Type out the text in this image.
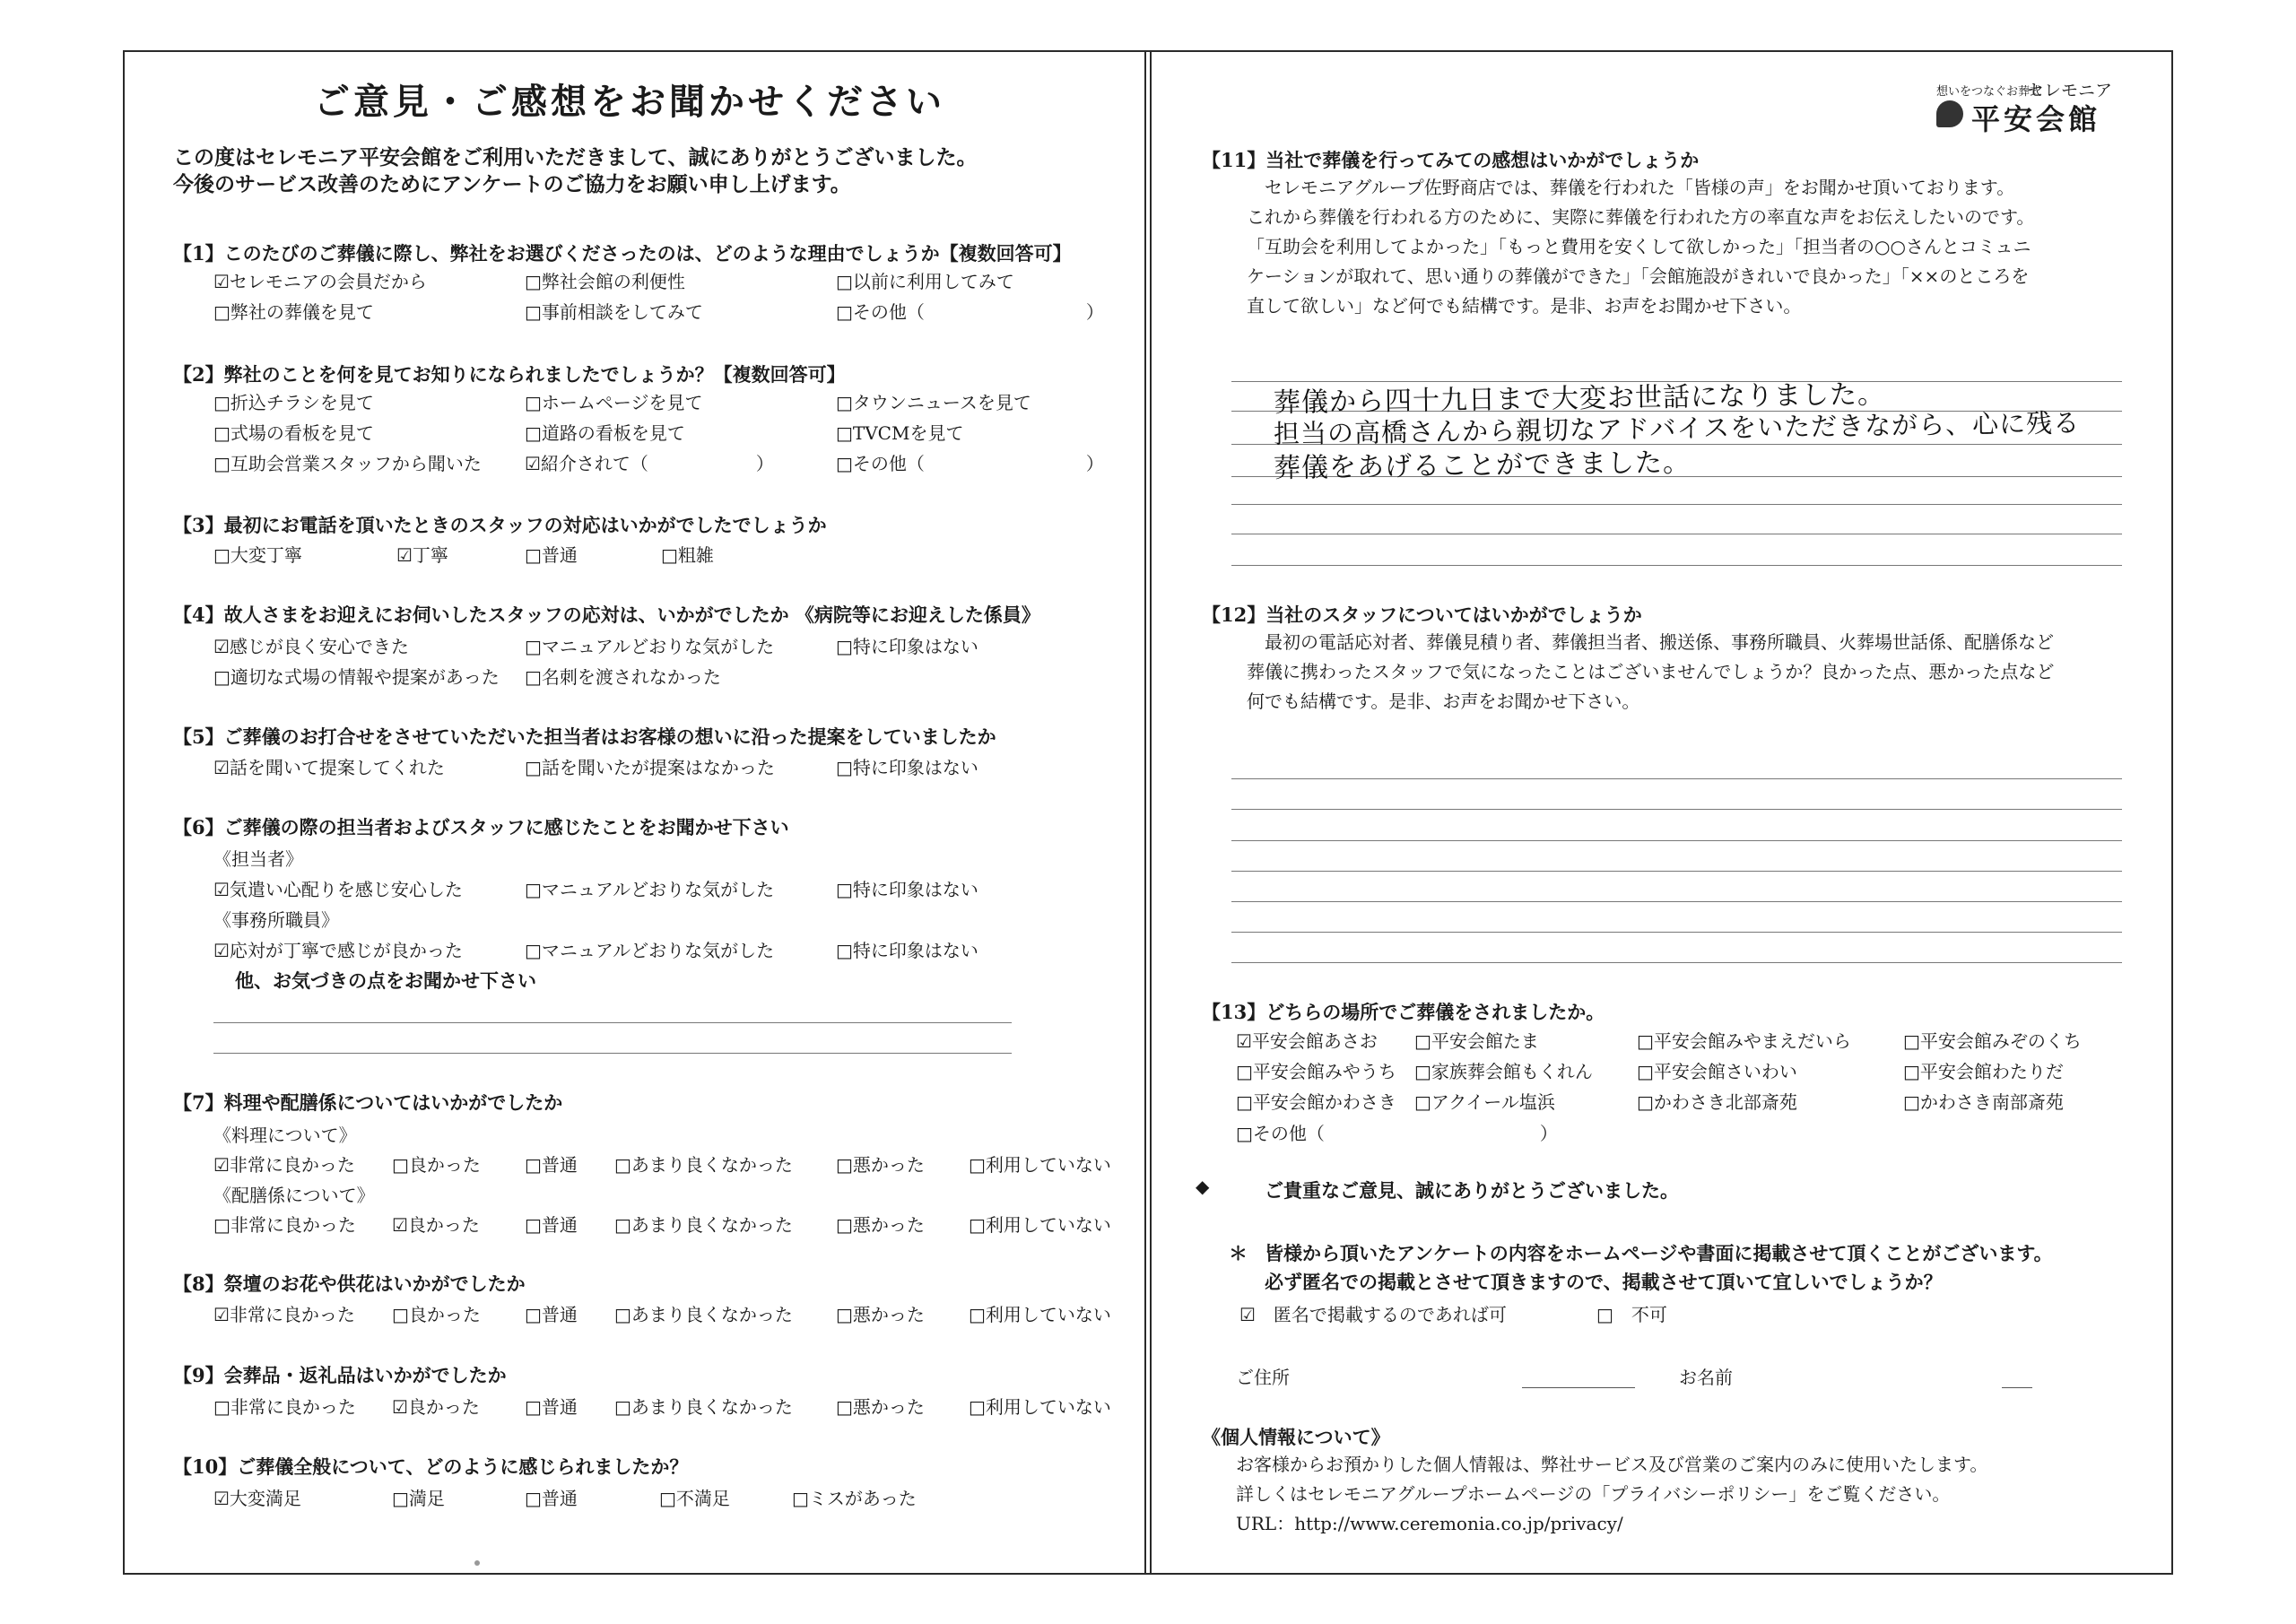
ご意見・ご感想をお聞かせください
この度はセレモニア平安会館をご利用いただきまして、誠にありがとうございました。
今後のサービス改善のためにアンケートのご協力をお願い申し上げます。
【1】このたびのご葬儀に際し、弊社をお選びくださったのは、どのような理由でしょうか【複数回答可】
☑セレモニアの会員だから	□弊社会館の利便性	□以前に利用してみて
□弊社の葬儀を見て	□事前相談をしてみて	□その他（　　　　　　　　　）
【2】弊社のことを何を見てお知りになられましたでしょうか？【複数回答可】
□折込チラシを見て	□ホームページを見て	□タウンニュースを見て
□式場の看板を見て	□道路の看板を見て	□TVCMを見て
□互助会営業スタッフから聞いた ☑紹介されて（　　　　　　）	□その他（　　　　　　　　　）
【3】最初にお電話を頂いたときのスタッフの対応はいかがでしたでしょうか
□大変丁寧	☑丁寧	□普通	□粗雑
【4】故人さまをお迎えにお伺いしたスタッフの応対は、いかがでしたか 《病院等にお迎えした係員》
☑感じが良く安心できた	□マニュアルどおりな気がした	□特に印象はない
□適切な式場の情報や提案があった □名刺を渡されなかった
【5】ご葬儀のお打合せをさせていただいた担当者はお客様の想いに沿った提案をしていましたか
☑話を聞いて提案してくれた	□話を聞いたが提案はなかった	□特に印象はない
【6】ご葬儀の際の担当者およびスタッフに感じたことをお聞かせ下さい
《担当者》
☑気遣い心配りを感じ安心した	□マニュアルどおりな気がした	□特に印象はない
《事務所職員》
☑応対が丁寧で感じが良かった	□マニュアルどおりな気がした	□特に印象はない
他、お気づきの点をお聞かせ下さい
【7】料理や配膳係についてはいかがでしたか
《料理について》
☑非常に良かった □良かった □普通 □あまり良くなかった □悪かった □利用していない
《配膳係について》
□非常に良かった ☑良かった	□普通 □あまり良くなかった □悪かった □利用していない
【8】祭壇のお花や供花はいかがでしたか
☑非常に良かった □良かった □普通 □あまり良くなかった □悪かった □利用していない
【9】会葬品・返礼品はいかがでしたか
□非常に良かった ☑良かった	□普通 □あまり良くなかった □悪かった □利用していない
【10】ご葬儀全般について、どのように感じられましたか？
☑大変満足	□満足	□普通	□不満足	□ミスがあった
想いをつなぐお葬式
セレモニア
平安会館
【11】当社で葬儀を行ってみての感想はいかがでしょうか
セレモニアグループ佐野商店では、葬儀を行われた「皆様の声」をお聞かせ頂いております。
これから葬儀を行われる方のために、実際に葬儀を行われた方の率直な声をお伝えしたいのです。
「互助会を利用してよかった」「もっと費用を安くして欲しかった」「担当者の○○さんとコミュニ
ケーションが取れて、思い通りの葬儀ができた」「会館施設がきれいで良かった」「××のところを
直して欲しい」など何でも結構です。是非、お声をお聞かせ下さい。
葬儀から四十九日まで大変お世話になりました。
担当の高橋さんから親切なアドバイスをいただきながら、心に残る
葬儀をあげることができました。
【12】当社のスタッフについてはいかがでしょうか
最初の電話応対者、葬儀見積り者、葬儀担当者、搬送係、事務所職員、火葬場世話係、配膳係など
葬儀に携わったスタッフで気になったことはございませんでしょうか？良かった点、悪かった点など
何でも結構です。是非、お声をお聞かせ下さい。
【13】どちらの場所でご葬儀をされましたか。
☑平安会館あさお □平安会館たま	□平安会館みやまえだいら	□平安会館みぞのくち
□平安会館みやうち □家族葬会館もくれん □平安会館さいわい	□平安会館わたりだ
□平安会館かわさき □アクイール塩浜	□かわさき北部斎苑	□かわさき南部斎苑
□その他（　　　　　　　　　　　　）
◆	ご貴重なご意見、誠にありがとうございました。
＊ 皆様から頂いたアンケートの内容をホームページや書面に掲載させて頂くことがございます。
必ず匿名での掲載とさせて頂きますので、掲載させて頂いて宜しいでしょうか？
☑　匿名で掲載するのであれば可	□　不可
ご住所	お名前
《個人情報について》
お客様からお預かりした個人情報は、弊社サービス及び営業のご案内のみに使用いたします。
詳しくはセレモニアグループホームページの「プライバシーポリシー」をご覧ください。
URL：http://www.ceremonia.co.jp/privacy/
